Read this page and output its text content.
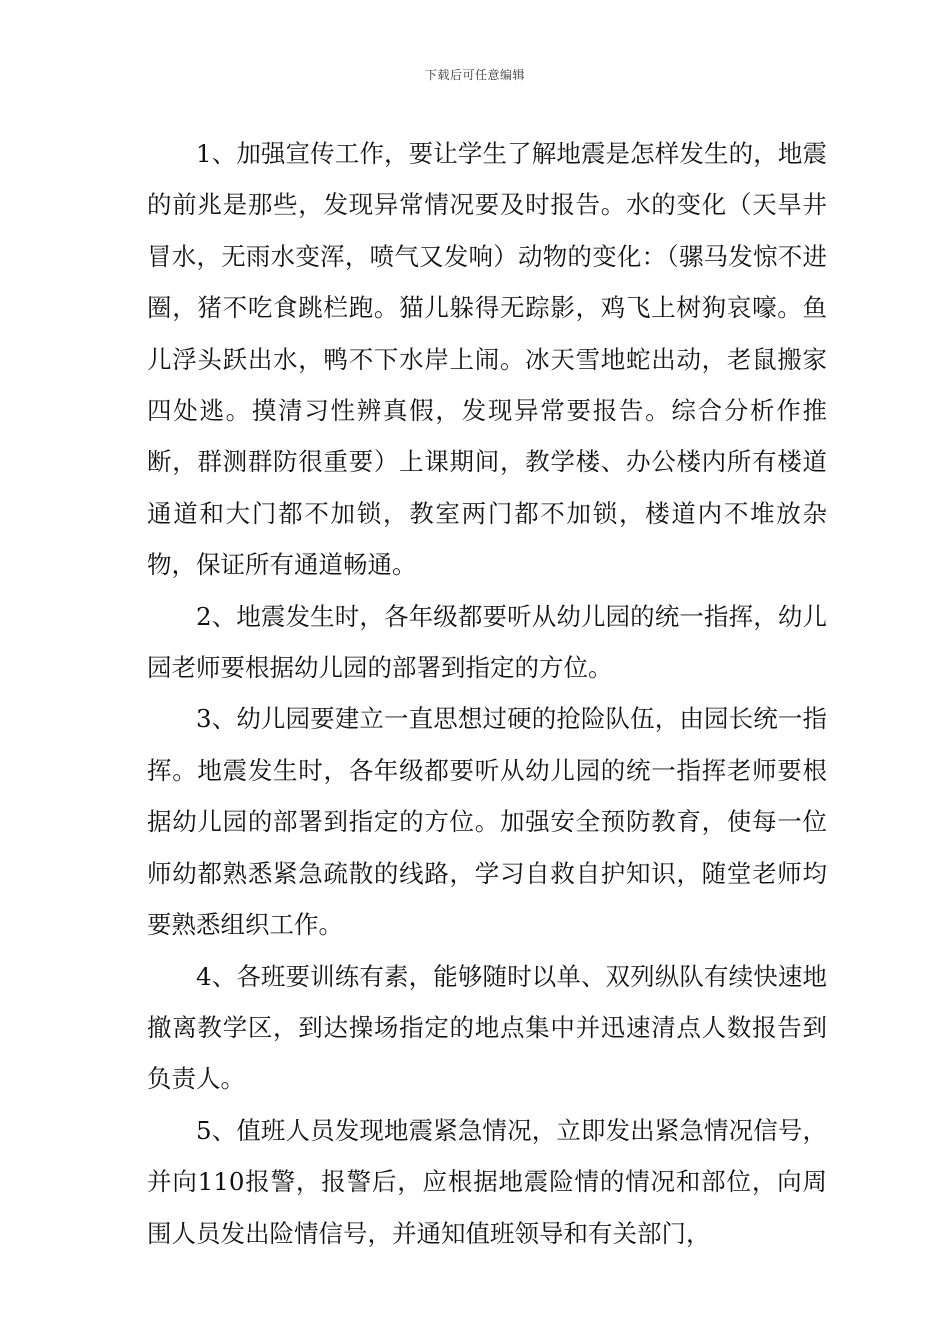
下载后可任意编辑

1、加强宣传工作，要让学生了解地震是怎样发生的，地震的前兆是那些，发现异常情况要及时报告。水的变化（天旱井冒水，无雨水变浑，喷气又发响）动物的变化：（骡马发惊不进圈，猪不吃食跳栏跑。猫儿躲得无踪影，鸡飞上树狗哀嚎。鱼儿浮头跃出水，鸭不下水岸上闹。冰天雪地蛇出动，老鼠搬家四处逃。摸清习性辨真假，发现异常要报告。综合分析作推断，群测群防很重要）上课期间，教学楼、办公楼内所有楼道通道和大门都不加锁，教室两门都不加锁，楼道内不堆放杂物，保证所有通道畅通。

2、地震发生时，各年级都要听从幼儿园的统一指挥，幼儿园老师要根据幼儿园的部署到指定的方位。

3、幼儿园要建立一直思想过硬的抢险队伍，由园长统一指挥。地震发生时，各年级都要听从幼儿园的统一指挥老师要根据幼儿园的部署到指定的方位。加强安全预防教育，使每一位师幼都熟悉紧急疏散的线路，学习自救自护知识，随堂老师均要熟悉组织工作。

4、各班要训练有素，能够随时以单、双列纵队有续快速地撤离教学区，到达操场指定的地点集中并迅速清点人数报告到负责人。

5、值班人员发现地震紧急情况，立即发出紧急情况信号，并向110报警，报警后，应根据地震险情的情况和部位，向周围人员发出险情信号，并通知值班领导和有关部门，
